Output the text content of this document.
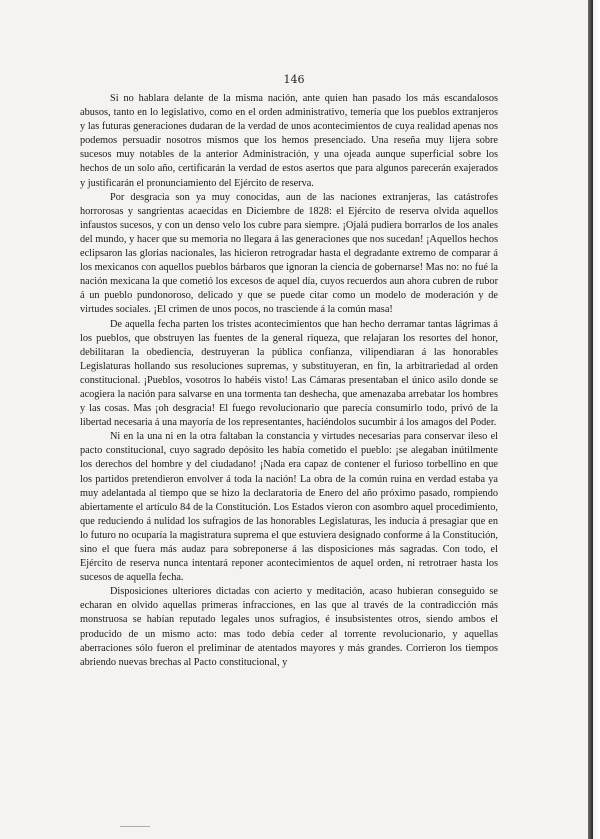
146

Si no hablara delante de la misma nación, ante quien han pasado los más escandalosos abusos, tanto en lo legislativo, como en el orden administrativo, temería que los pueblos extranjeros y las futuras generaciones dudaran de la verdad de unos acontecimientos de cuya realidad apenas nos podemos persuadir nosotros mismos que los hemos presenciado. Una reseña muy lijera sobre sucesos muy notables de la anterior Administración, y una ojeada aunque superficial sobre los hechos de un solo año, certificarán la verdad de estos asertos que para algunos parecerán exajerados y justificarán el pronunciamiento del Ejército de reserva.

Por desgracia son ya muy conocidas, aun de las naciones extranjeras, las catástrofes horrorosas y sangrientas acaecidas en Diciembre de 1828: el Ejército de reserva olvida aquellos infaustos sucesos, y con un denso velo los cubre para siempre. ¡Ojalá pudiera borrarlos de los anales del mundo, y hacer que su memoria no llegara á las generaciones que nos sucedan! ¡Aquellos hechos eclipsaron las glorias nacionales, las hicieron retrogradar hasta el degradante extremo de comparar á los mexicanos con aquellos pueblos bárbaros que ignoran la ciencia de gobernarse! Mas no: no fué la nación mexicana la que cometió los excesos de aquel día, cuyos recuerdos aun ahora cubren de rubor á un pueblo pundonoroso, delicado y que se puede citar como un modelo de moderación y de virtudes sociales. ¡El crimen de unos pocos, no trasciende á la común masa!

De aquella fecha parten los tristes acontecimientos que han hecho derramar tantas lágrimas á los pueblos, que obstruyen las fuentes de la general riqueza, que relajaran los resortes del honor, debilitaran la obediencia, destruyeran la pública confianza, vilipendiaran á las honorables Legislaturas hollando sus resoluciones supremas, y substituyeran, en fin, la arbitrariedad al orden constitucional. ¡Pueblos, vosotros lo habéis visto! Las Cámaras presentaban el único asilo donde se acogiera la nación para salvarse en una tormenta tan deshecha, que amenazaba arrebatar los hombres y las cosas. Mas ¡oh desgracia! El fuego revolucionario que parecía consumirlo todo, privó de la libertad necesaria á una mayoría de los representantes, haciéndolos sucumbir á los amagos del Poder.

Ni en la una ni en la otra faltaban la constancia y virtudes necesarias para conservar ileso el pacto constitucional, cuyo sagrado depósito les había cometido el pueblo: ¡se alegaban inútilmente los derechos del hombre y del ciudadano! ¡Nada era capaz de contener el furioso torbellino en que los partidos pretendieron envolver á toda la nación! La obra de la común ruina en verdad estaba ya muy adelantada al tiempo que se hizo la declaratoria de Enero del año próximo pasado, rompiendo abiertamente el artículo 84 de la Constitución. Los Estados vieron con asombro aquel procedimiento, que reduciendo á nulidad los sufragios de las honorables Legislaturas, les inducía á presagiar que en lo futuro no ocuparía la magistratura suprema el que estuviera designado conforme á la Constitución, sino el que fuera más audaz para sobreponerse á las disposiciones más sagradas. Con todo, el Ejército de reserva nunca intentará reponer acontecimientos de aquel orden, ni retrotraer hasta los sucesos de aquella fecha.

Disposiciones ulteriores dictadas con acierto y meditación, acaso hubieran conseguido se echaran en olvido aquellas primeras infracciones, en las que al través de la contradicción más monstruosa se habían reputado legales unos sufragios, é insubsistentes otros, siendo ambos el producido de un mismo acto: mas todo debía ceder al torrente revolucionario, y aquellas aberraciones sólo fueron el preliminar de atentados mayores y más grandes. Corrieron los tiempos abriendo nuevas brechas al Pacto constitucional, y
